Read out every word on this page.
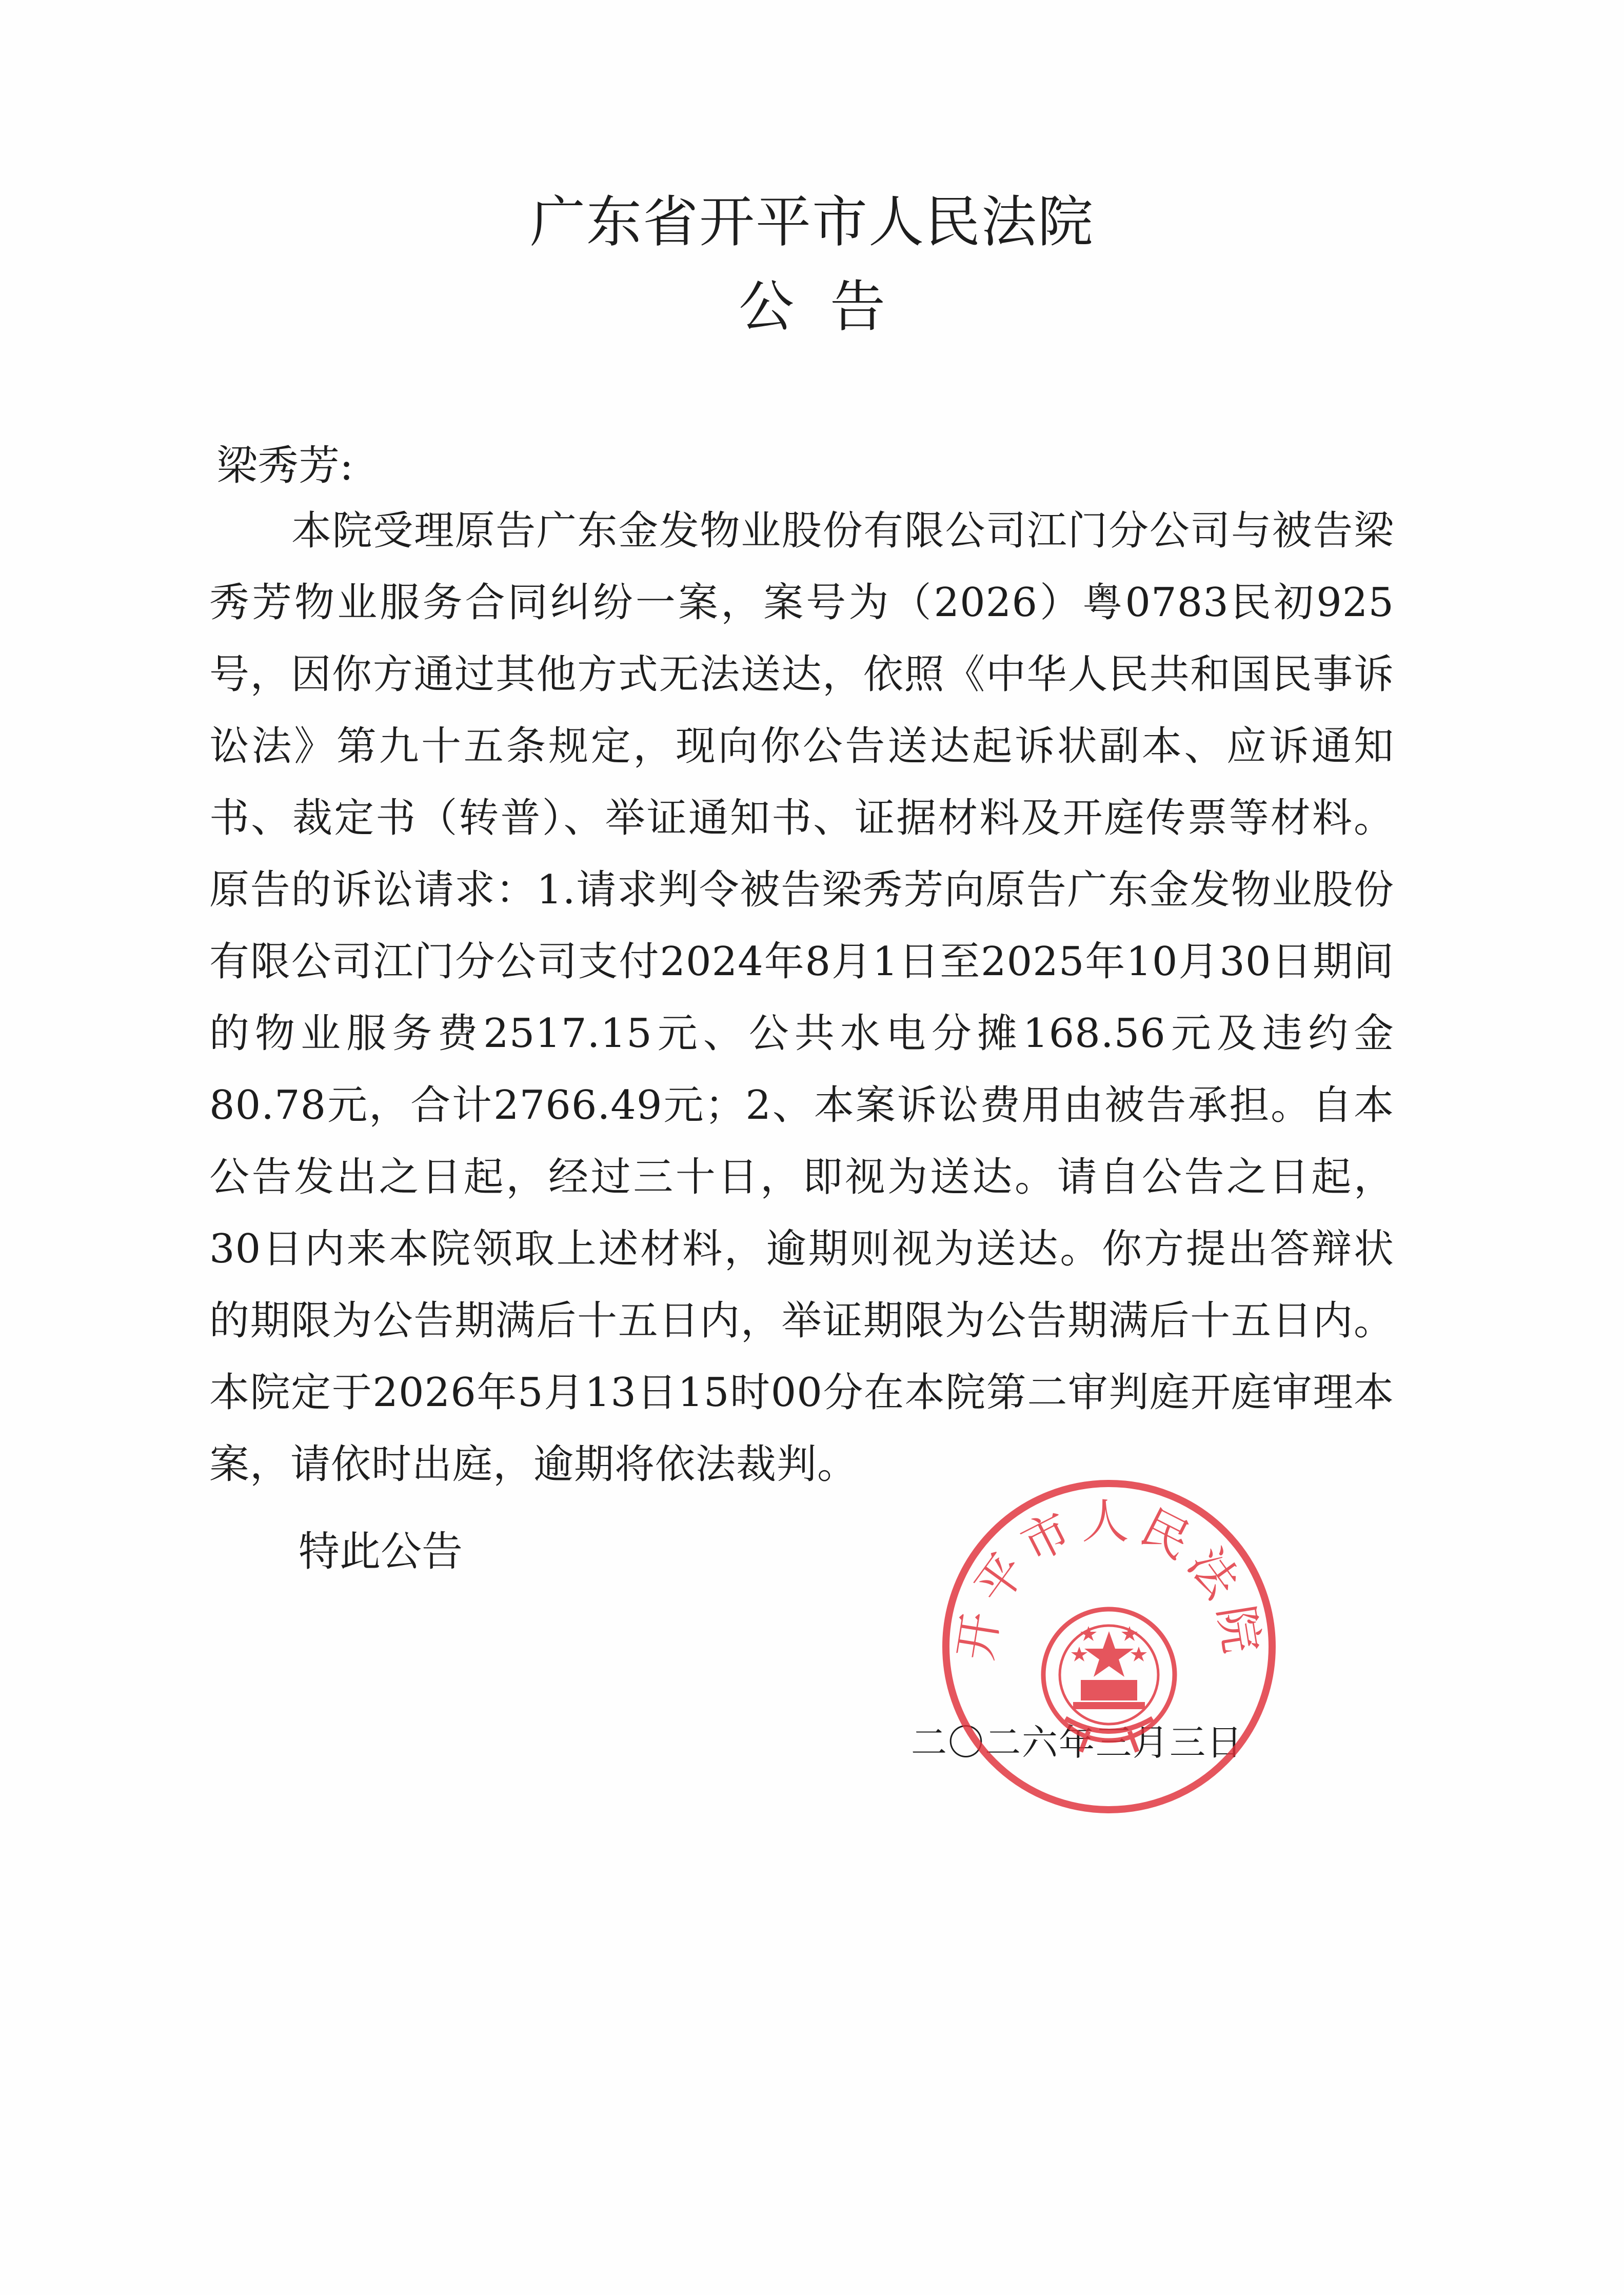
广东省开平市人民法院
公告
梁秀芳:

本院受理原告广东金发物业股份有限公司江门分公司与被告梁秀芳物业服务合同纠纷一案，案号为（2026）粤0783民初925号，因你方通过其他方式无法送达，依照《中华人民共和国民事诉讼法》第九十五条规定，现向你公告送达起诉状副本、应诉通知书、裁定书（转普）、举证通知书、证据材料及开庭传票等材料。原告的诉讼请求：1.请求判令被告梁秀芳向原告广东金发物业股份有限公司江门分公司支付2024年8月1日至2025年10月30日期间的物业服务费2517.15元、公共水电分摊168.56元及违约金80.78元，合计2766.49元；2、本案诉讼费用由被告承担。自本公告发出之日起，经过三十日，即视为送达。请自公告之日起，30日内来本院领取上述材料，逾期则视为送达。你方提出答辩状的期限为公告期满后十五日内，举证期限为公告期满后十五日内。本院定于2026年5月13日15时00分在本院第二审判庭开庭审理本案，请依时出庭，逾期将依法裁判。

特此公告
二〇二六年三月三日
开平市人民法院
